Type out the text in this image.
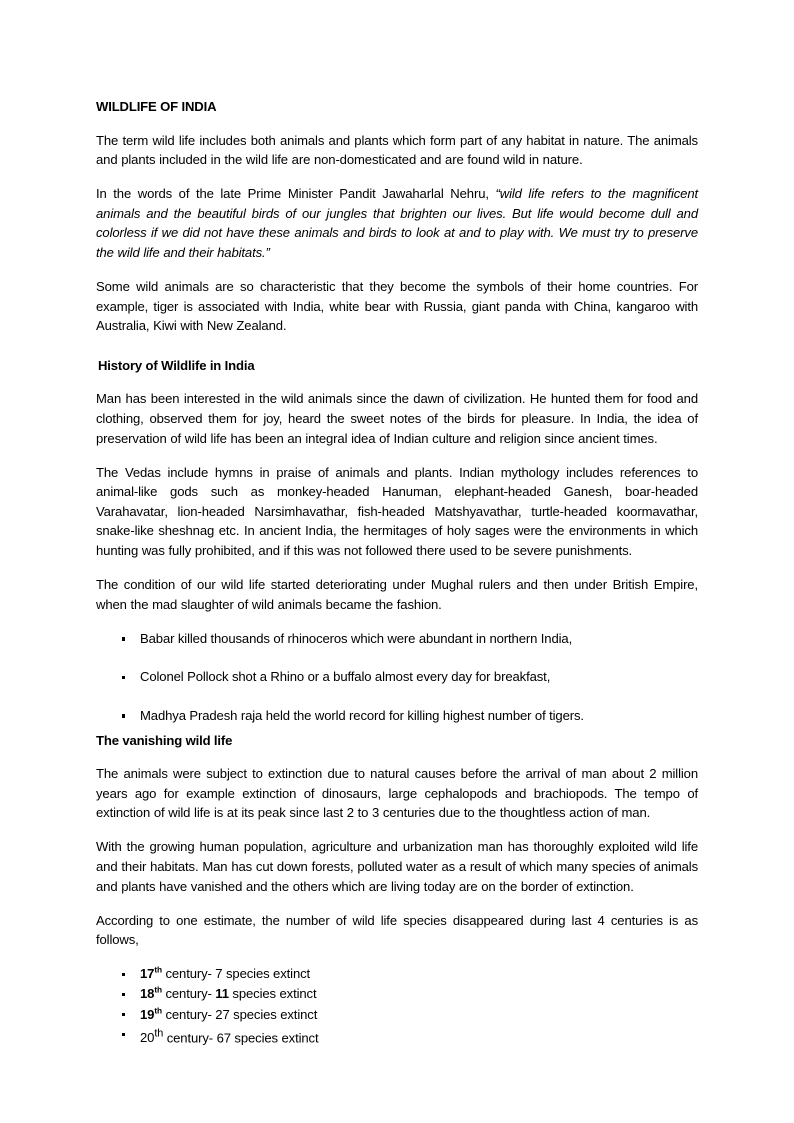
WILDLIFE OF INDIA

The term wild life includes both animals and plants which form part of any habitat in nature. The animals and plants included in the wild life are non-domesticated and are found wild in nature.

In the words of the late Prime Minister Pandit Jawaharlal Nehru, “wild life refers to the magnificent animals and the beautiful birds of our jungles that brighten our lives. But life would become dull and colorless if we did not have these animals and birds to look at and to play with. We must try to preserve the wild life and their habitats.”

Some wild animals are so characteristic that they become the symbols of their home countries. For example, tiger is associated with India, white bear with Russia, giant panda with China, kangaroo with Australia, Kiwi with New Zealand.

History of Wildlife in India

Man has been interested in the wild animals since the dawn of civilization. He hunted them for food and clothing, observed them for joy, heard the sweet notes of the birds for pleasure. In India, the idea of preservation of wild life has been an integral idea of Indian culture and religion since ancient times.

The Vedas include hymns in praise of animals and plants. Indian mythology includes references to animal-like gods such as monkey-headed Hanuman, elephant-headed Ganesh, boar-headed Varahavatar, lion-headed Narsimhavathar, fish-headed Matshyavathar, turtle-headed koormavathar, snake-like sheshnag etc. In ancient India, the hermitages of holy sages were the environments in which hunting was fully prohibited, and if this was not followed there used to be severe punishments.

The condition of our wild life started deteriorating under Mughal rulers and then under British Empire, when the mad slaughter of wild animals became the fashion.

Babar killed thousands of rhinoceros which were abundant in northern India,
Colonel Pollock shot a Rhino or a buffalo almost every day for breakfast,
Madhya Pradesh raja held the world record for killing highest number of tigers.
The vanishing wild life

The animals were subject to extinction due to natural causes before the arrival of man about 2 million years ago for example extinction of dinosaurs, large cephalopods and brachiopods. The tempo of extinction of wild life is at its peak since last 2 to 3 centuries due to the thoughtless action of man.

With the growing human population, agriculture and urbanization man has thoroughly exploited wild life and their habitats. Man has cut down forests, polluted water as a result of which many species of animals and plants have vanished and the others which are living today are on the border of extinction.

According to one estimate, the number of wild life species disappeared during last 4 centuries is as follows,

17th century- 7 species extinct
18th century- 11 species extinct
19th century- 27 species extinct
20th century- 67 species extinct
